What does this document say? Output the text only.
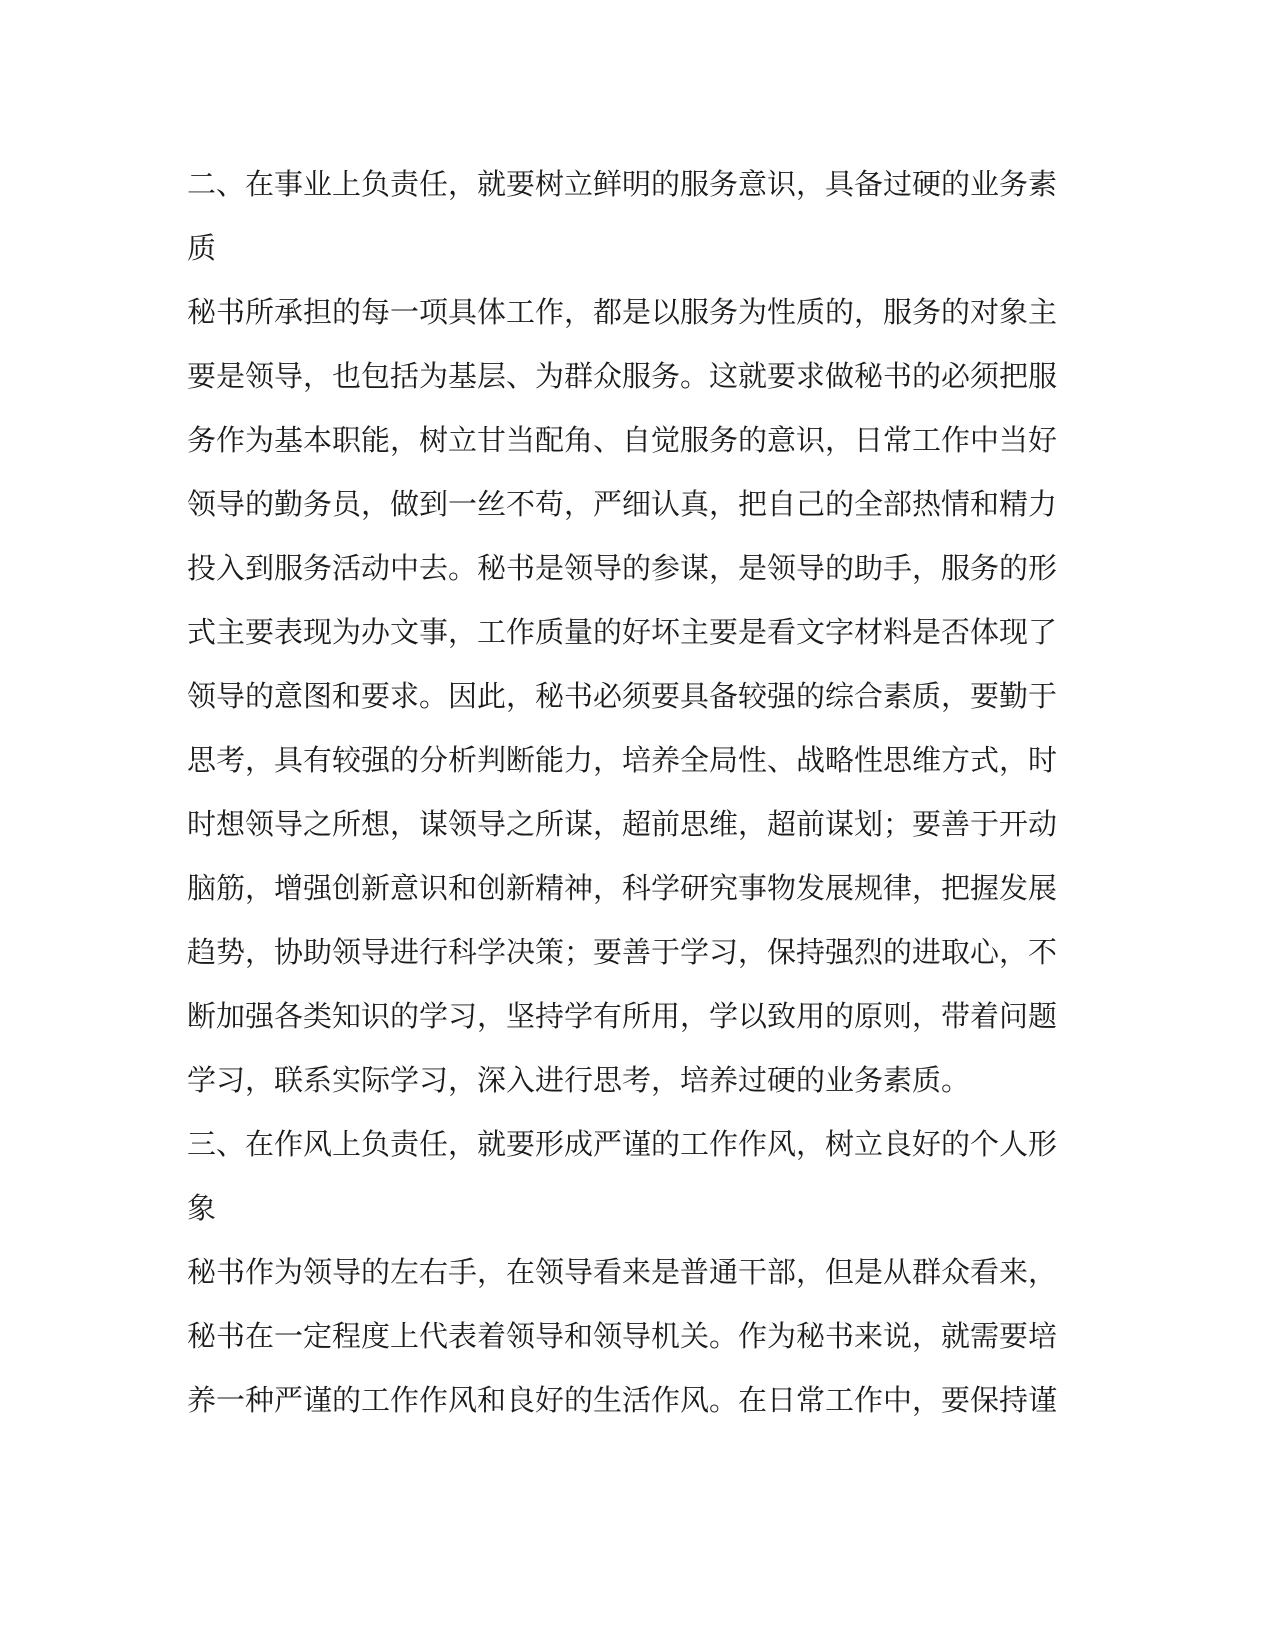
二、在事业上负责任，就要树立鲜明的服务意识，具备过硬的业务素
质
秘书所承担的每一项具体工作，都是以服务为性质的，服务的对象主
要是领导，也包括为基层、为群众服务。这就要求做秘书的必须把服
务作为基本职能，树立甘当配角、自觉服务的意识，日常工作中当好
领导的勤务员，做到一丝不苟，严细认真，把自己的全部热情和精力
投入到服务活动中去。秘书是领导的参谋，是领导的助手，服务的形
式主要表现为办文事，工作质量的好坏主要是看文字材料是否体现了
领导的意图和要求。因此，秘书必须要具备较强的综合素质，要勤于
思考，具有较强的分析判断能力，培养全局性、战略性思维方式，时
时想领导之所想，谋领导之所谋，超前思维，超前谋划；要善于开动
脑筋，增强创新意识和创新精神，科学研究事物发展规律，把握发展
趋势，协助领导进行科学决策；要善于学习，保持强烈的进取心，不
断加强各类知识的学习，坚持学有所用，学以致用的原则，带着问题
学习，联系实际学习，深入进行思考，培养过硬的业务素质。
三、在作风上负责任，就要形成严谨的工作作风，树立良好的个人形
象
秘书作为领导的左右手，在领导看来是普通干部，但是从群众看来，
秘书在一定程度上代表着领导和领导机关。作为秘书来说，就需要培
养一种严谨的工作作风和良好的生活作风。在日常工作中，要保持谨
